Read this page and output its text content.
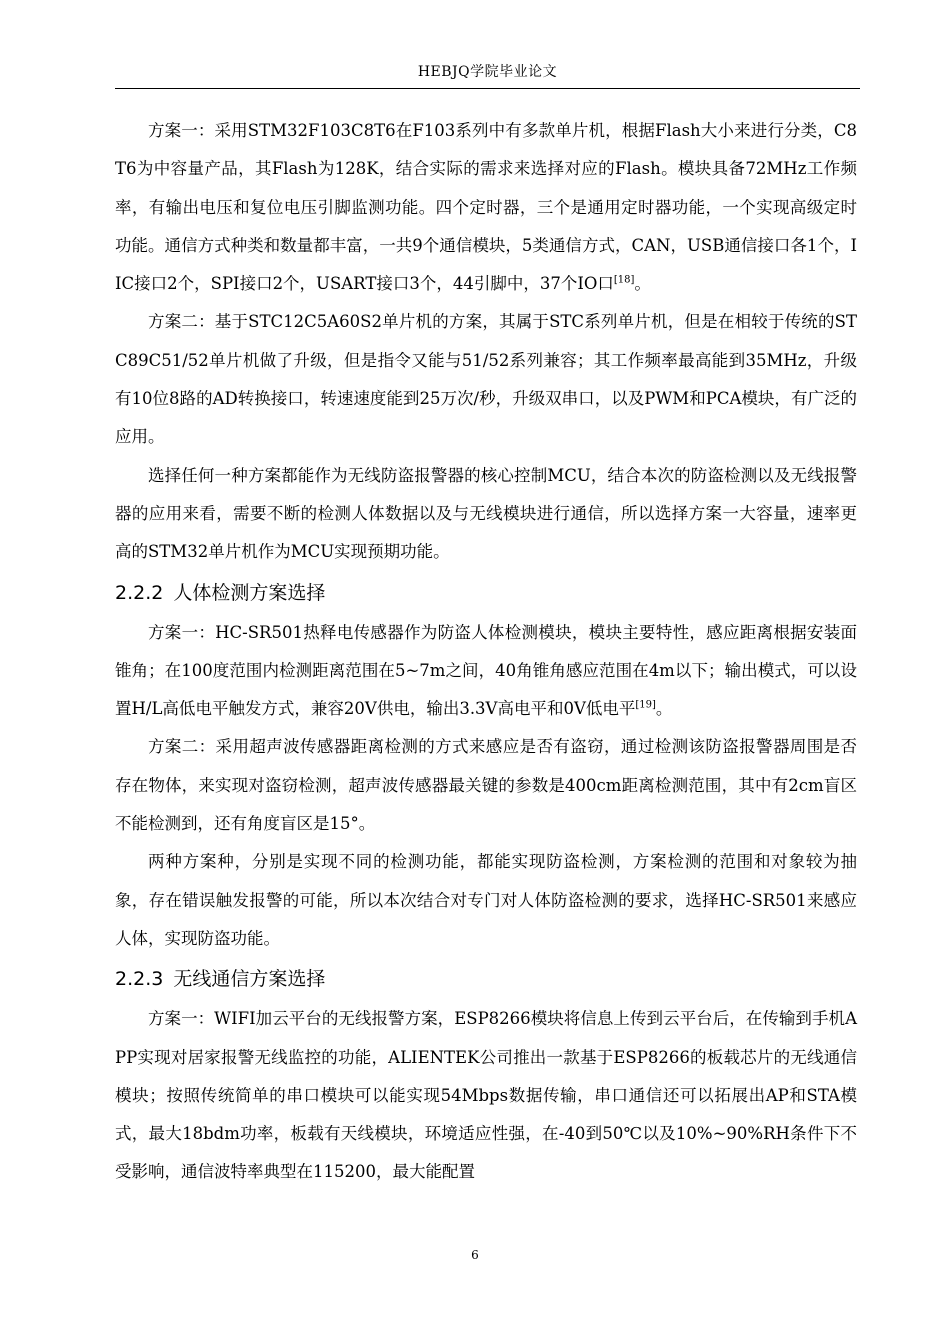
HEBJQ学院毕业论文

方案一：采用STM32F103C8T6在F103系列中有多款单片机，根据Flash大小来进行分类，C8T6为中容量产品，其Flash为128K，结合实际的需求来选择对应的Flash。模块具备72MHz工作频率，有输出电压和复位电压引脚监测功能。四个定时器，三个是通用定时器功能，一个实现高级定时功能。通信方式种类和数量都丰富，一共9个通信模块，5类通信方式，CAN，USB通信接口各1个，IIC接口2个，SPI接口2个，USART接口3个，44引脚中，37个IO口[18]。

方案二：基于STC12C5A60S2单片机的方案，其属于STC系列单片机，但是在相较于传统的STC89C51/52单片机做了升级，但是指令又能与51/52系列兼容；其工作频率最高能到35MHz，升级有10位8路的AD转换接口，转速速度能到25万次/秒，升级双串口，以及PWM和PCA模块，有广泛的应用。

选择任何一种方案都能作为无线防盗报警器的核心控制MCU，结合本次的防盗检测以及无线报警器的应用来看，需要不断的检测人体数据以及与无线模块进行通信，所以选择方案一大容量，速率更高的STM32单片机作为MCU实现预期功能。

2.2.2 人体检测方案选择

方案一：HC-SR501热释电传感器作为防盗人体检测模块，模块主要特性，感应距离根据安装面锥角；在100度范围内检测距离范围在5~7m之间，40角锥角感应范围在4m以下；输出模式，可以设置H/L高低电平触发方式，兼容20V供电，输出3.3V高电平和0V低电平[19]。

方案二：采用超声波传感器距离检测的方式来感应是否有盗窃，通过检测该防盗报警器周围是否存在物体，来实现对盗窃检测，超声波传感器最关键的参数是400cm距离检测范围，其中有2cm盲区不能检测到，还有角度盲区是15°。

两种方案种，分别是实现不同的检测功能，都能实现防盗检测，方案检测的范围和对象较为抽象，存在错误触发报警的可能，所以本次结合对专门对人体防盗检测的要求，选择HC-SR501来感应人体，实现防盗功能。

2.2.3 无线通信方案选择

方案一：WIFI加云平台的无线报警方案，ESP8266模块将信息上传到云平台后，在传输到手机APP实现对居家报警无线监控的功能，ALIENTEK公司推出一款基于ESP8266的板载芯片的无线通信模块；按照传统简单的串口模块可以能实现54Mbps数据传输，串口通信还可以拓展出AP和STA模式，最大18bdm功率，板载有天线模块，环境适应性强，在-40到50℃以及10%~90%RH条件下不受影响，通信波特率典型在115200，最大能配置

6
